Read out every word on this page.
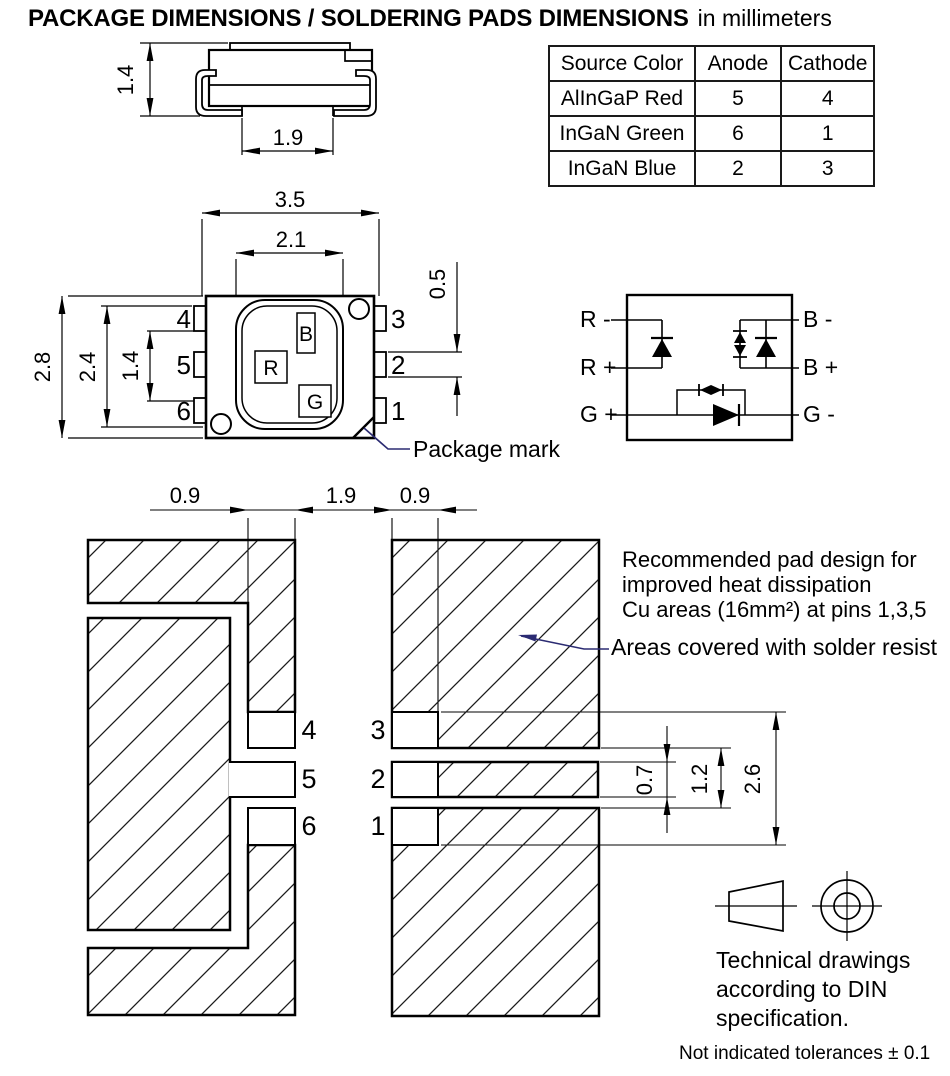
PACKAGE DIMENSIONS / SOLDERING PADS DIMENSIONS in millimeters
Source Color	Anode	Cathode
AlInGaP Red	5	4
InGaN Green	6	1
InGaN Blue	2	3
1.4
1.9
3.5
2.1
2.8 2.4 1.4
0.5
B
R
G
4
5
6
3
2
1
Package mark
R -
R +
G +
B -
B +
G -
0.9	1.9 0.9
0.7 1.2 2.6
4
5
6
3
2
1
Recommended pad design for
improved heat dissipation
Cu areas (16mm²) at pins 1,3,5
Areas covered with solder resist
Technical drawings according to DIN specification.
Not indicated tolerances ± 0.1
